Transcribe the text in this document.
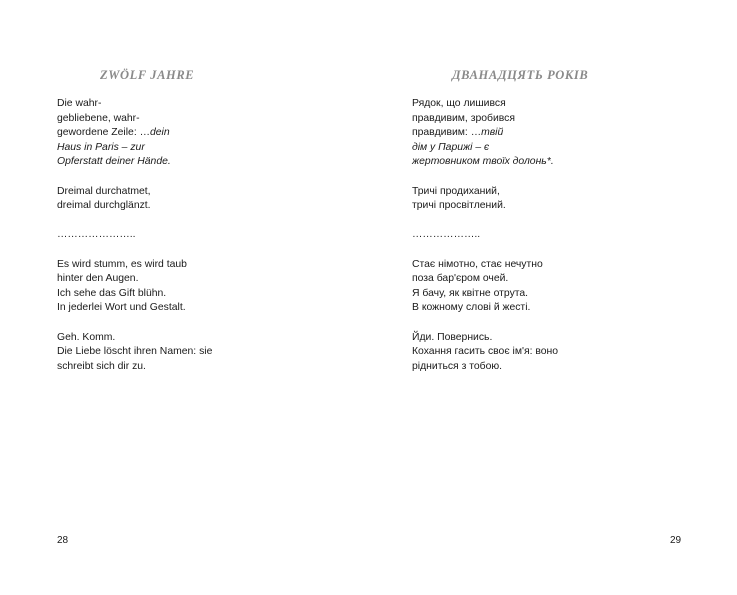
ZWÖLF JAHRE
Die wahr-
gebliebene, wahr-
gewordene Zeile: …dein
Haus in Paris – zur
Opferstatt deiner Hände.
Dreimal durchatmet,
dreimal durchglänzt.
…………………..
Es wird stumm, es wird taub
hinter den Augen.
Ich sehe das Gift blühn.
In jederlei Wort und Gestalt.
Geh. Komm.
Die Liebe löscht ihren Namen: sie
schreibt sich dir zu.
28
ДВАНАДЦЯТЬ РОКІВ
Рядок, що лишився
правдивим, зробився
правдивим: …твій
дім у Парижі – є
жертовником твоїх долонь*.
Тричі продиханий,
тричі просвітлений.
………………..
Стає німотно, стає нечутно
поза бар'єром очей.
Я бачу, як квітне отрута.
В кожному слові й жесті.
Йди. Повернись.
Кохання гасить своє ім'я: воно
рідниться з тобою.
29
